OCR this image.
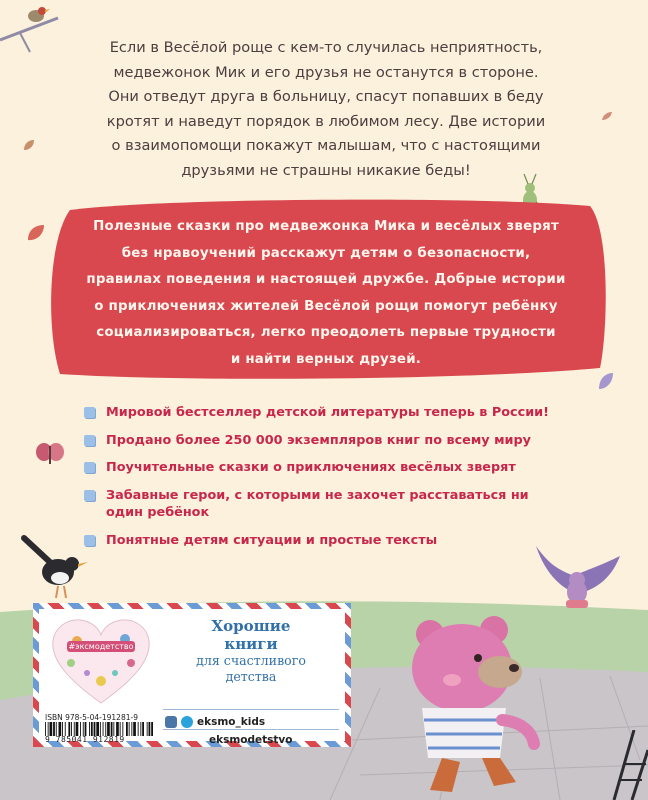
Если в Весёлой роще с кем-то случилась неприятность,
медвежонок Мик и его друзья не останутся в стороне.
Они отведут друга в больницу, спасут попавших в беду
кротят и наведут порядок в любимом лесу. Две истории
о взаимопомощи покажут малышам, что с настоящими
друзьями не страшны никакие беды!

Полезные сказки про медвежонка Мика и весёлых зверят
без нравоучений расскажут детям о безопасности,
правилах поведения и настоящей дружбе. Добрые истории
о приключениях жителей Весёлой рощи помогут ребёнку
социализироваться, легко преодолеть первые трудности
и найти верных друзей.

Мировой бестселлер детской литературы теперь в России!
Продано более 250 000 экземпляров книг по всему миру
Поучительные сказки о приключениях весёлых зверят
Забавные герои, с которыми не захочет расставаться ни один ребёнок
Понятные детям ситуации и простые тексты
#эксмодетство

Хорошие
книги
для счастливого
детства

ISBN 978-5-04-191281-9
9 785041 912819
eksmo_kids
eksmodetstvo
